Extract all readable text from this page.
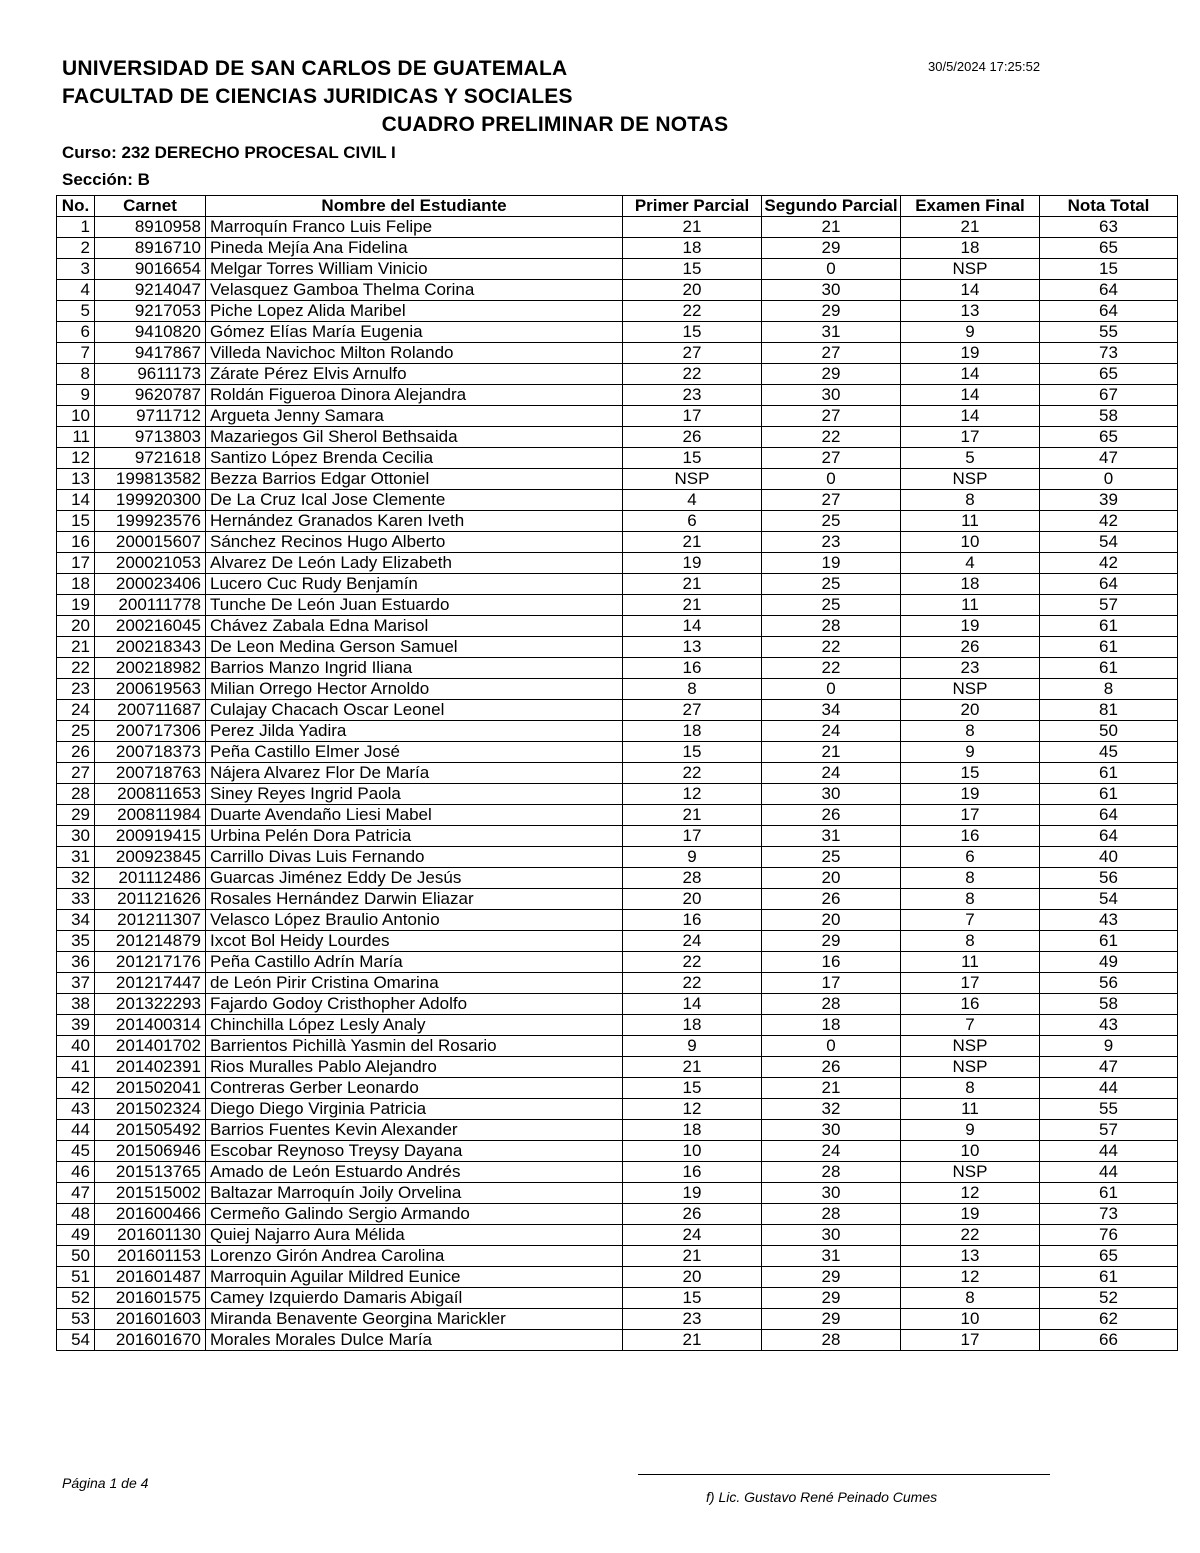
UNIVERSIDAD DE SAN CARLOS DE GUATEMALA
FACULTAD DE CIENCIAS JURIDICAS Y SOCIALES
CUADRO PRELIMINAR DE NOTAS
30/5/2024 17:25:52
Curso: 232 DERECHO PROCESAL CIVIL I
Sección: B
No.	Carnet	Nombre del Estudiante	Primer Parcial	Segundo Parcial	Examen Final	Nota Total
1	8910958	Marroquín Franco Luis Felipe	21	21	21	63
2	8916710	Pineda Mejía Ana Fidelina	18	29	18	65
3	9016654	Melgar Torres William Vinicio	15	0	NSP	15
4	9214047	Velasquez Gamboa Thelma Corina	20	30	14	64
5	9217053	Piche Lopez Alida Maribel	22	29	13	64
6	9410820	Gómez Elías María Eugenia	15	31	9	55
7	9417867	Villeda Navichoc Milton Rolando	27	27	19	73
8	9611173	Zárate Pérez Elvis Arnulfo	22	29	14	65
9	9620787	Roldán Figueroa Dinora Alejandra	23	30	14	67
10	9711712	Argueta Jenny Samara	17	27	14	58
11	9713803	Mazariegos Gil Sherol Bethsaida	26	22	17	65
12	9721618	Santizo López Brenda Cecilia	15	27	5	47
13	199813582	Bezza Barrios Edgar Ottoniel	NSP	0	NSP	0
14	199920300	De La Cruz Ical Jose Clemente	4	27	8	39
15	199923576	Hernández Granados Karen Iveth	6	25	11	42
16	200015607	Sánchez Recinos Hugo Alberto	21	23	10	54
17	200021053	Alvarez De León Lady Elizabeth	19	19	4	42
18	200023406	Lucero Cuc Rudy Benjamín	21	25	18	64
19	200111778	Tunche De León Juan Estuardo	21	25	11	57
20	200216045	Chávez Zabala Edna Marisol	14	28	19	61
21	200218343	De Leon Medina Gerson Samuel	13	22	26	61
22	200218982	Barrios Manzo Ingrid Iliana	16	22	23	61
23	200619563	Milian Orrego Hector Arnoldo	8	0	NSP	8
24	200711687	Culajay Chacach Oscar Leonel	27	34	20	81
25	200717306	Perez Jilda Yadira	18	24	8	50
26	200718373	Peña Castillo Elmer José	15	21	9	45
27	200718763	Nájera Alvarez Flor De María	22	24	15	61
28	200811653	Siney Reyes Ingrid Paola	12	30	19	61
29	200811984	Duarte Avendaño Liesi Mabel	21	26	17	64
30	200919415	Urbina Pelén Dora Patricia	17	31	16	64
31	200923845	Carrillo Divas Luis Fernando	9	25	6	40
32	201112486	Guarcas Jiménez Eddy De Jesús	28	20	8	56
33	201121626	Rosales Hernández Darwin Eliazar	20	26	8	54
34	201211307	Velasco López Braulio Antonio	16	20	7	43
35	201214879	Ixcot Bol Heidy Lourdes	24	29	8	61
36	201217176	Peña Castillo Adrín María	22	16	11	49
37	201217447	de León Pirir Cristina Omarina	22	17	17	56
38	201322293	Fajardo Godoy Cristhopher Adolfo	14	28	16	58
39	201400314	Chinchilla López Lesly Analy	18	18	7	43
40	201401702	Barrientos Pichillà Yasmin del Rosario	9	0	NSP	9
41	201402391	Rios Muralles Pablo Alejandro	21	26	NSP	47
42	201502041	Contreras Gerber Leonardo	15	21	8	44
43	201502324	Diego Diego Virginia Patricia	12	32	11	55
44	201505492	Barrios Fuentes Kevin Alexander	18	30	9	57
45	201506946	Escobar Reynoso Treysy Dayana	10	24	10	44
46	201513765	Amado de León Estuardo Andrés	16	28	NSP	44
47	201515002	Baltazar Marroquín Joily Orvelina	19	30	12	61
48	201600466	Cermeño Galindo Sergio Armando	26	28	19	73
49	201601130	Quiej Najarro Aura Mélida	24	30	22	76
50	201601153	Lorenzo Girón Andrea Carolina	21	31	13	65
51	201601487	Marroquin Aguilar Mildred Eunice	20	29	12	61
52	201601575	Camey Izquierdo Damaris Abigaíl	15	29	8	52
53	201601603	Miranda Benavente Georgina Marickler	23	29	10	62
54	201601670	Morales Morales Dulce María	21	28	17	66
Página 1 de 4
f) Lic. Gustavo René Peinado Cumes
